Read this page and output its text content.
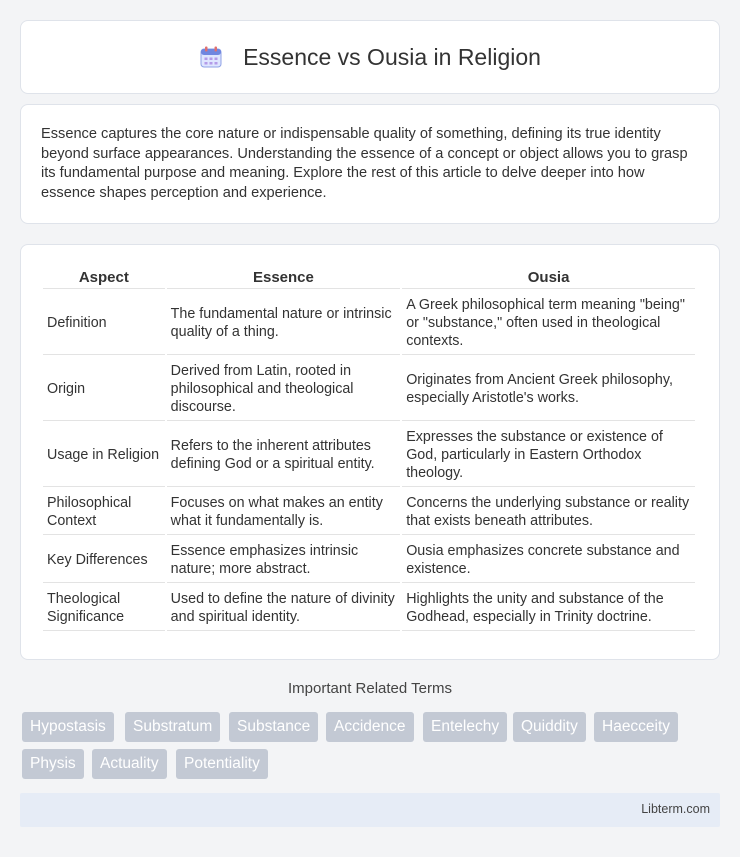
Essence vs Ousia in Religion

Essence captures the core nature or indispensable quality of something, defining its true identity beyond surface appearances. Understanding the essence of a concept or object allows you to grasp its fundamental purpose and meaning. Explore the rest of this article to delve deeper into how essence shapes perception and experience.

Aspect	Essence	Ousia
Definition	The fundamental nature or intrinsic quality of a thing.	A Greek philosophical term meaning "being" or "substance," often used in theological contexts.
Origin	Derived from Latin, rooted in philosophical and theological discourse.	Originates from Ancient Greek philosophy, especially Aristotle's works.
Usage in Religion	Refers to the inherent attributes defining God or a spiritual entity.	Expresses the substance or existence of God, particularly in Eastern Orthodox theology.
Philosophical Context	Focuses on what makes an entity what it fundamentally is.	Concerns the underlying substance or reality that exists beneath attributes.
Key Differences	Essence emphasizes intrinsic nature; more abstract.	Ousia emphasizes concrete substance and existence.
Theological Significance	Used to define the nature of divinity and spiritual identity.	Highlights the unity and substance of the Godhead, especially in Trinity doctrine.
Important Related Terms
Hypostasis	Substratum	Substance	Accidence	Entelechy	Quiddity	Haecceity
Physis	Actuality	Potentiality
Libterm.com
